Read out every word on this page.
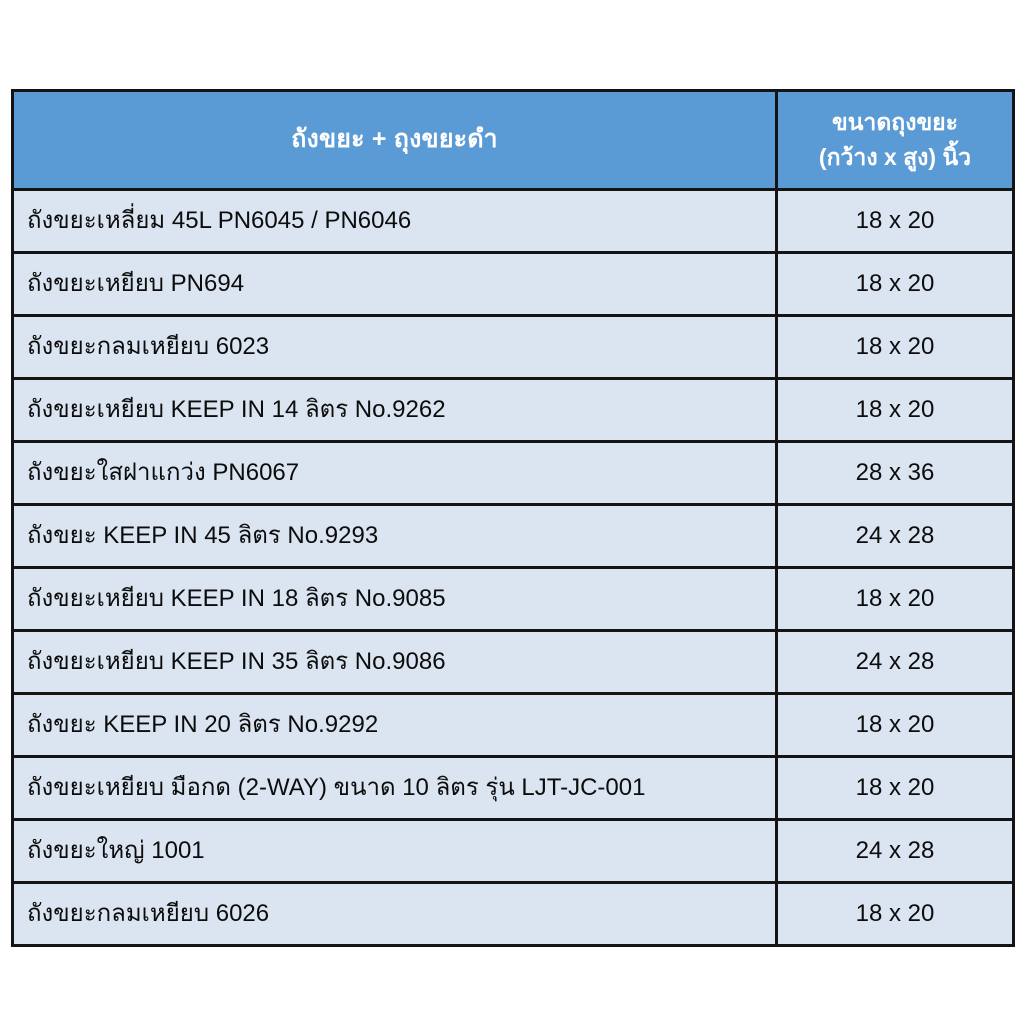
ถังขยะ + ถุงขยะดำ	ขนาดถุงขยะ
(กว้าง x สูง) นิ้ว

ถังขยะเหลี่ยม 45L PN6045 / PN6046	18 x 20
ถังขยะเหยียบ PN694	18 x 20
ถังขยะกลมเหยียบ 6023	18 x 20
ถังขยะเหยียบ KEEP IN 14 ลิตร No.9262	18 x 20
ถังขยะใสฝาแกว่ง PN6067	28 x 36
ถังขยะ KEEP IN 45 ลิตร No.9293	24 x 28
ถังขยะเหยียบ KEEP IN 18 ลิตร No.9085	18 x 20
ถังขยะเหยียบ KEEP IN 35 ลิตร No.9086	24 x 28
ถังขยะ KEEP IN 20 ลิตร No.9292	18 x 20
ถังขยะเหยียบ มือกด (2-WAY) ขนาด 10 ลิตร รุ่น LJT-JC-001	18 x 20
ถังขยะใหญ่ 1001	24 x 28
ถังขยะกลมเหยียบ 6026	18 x 20
